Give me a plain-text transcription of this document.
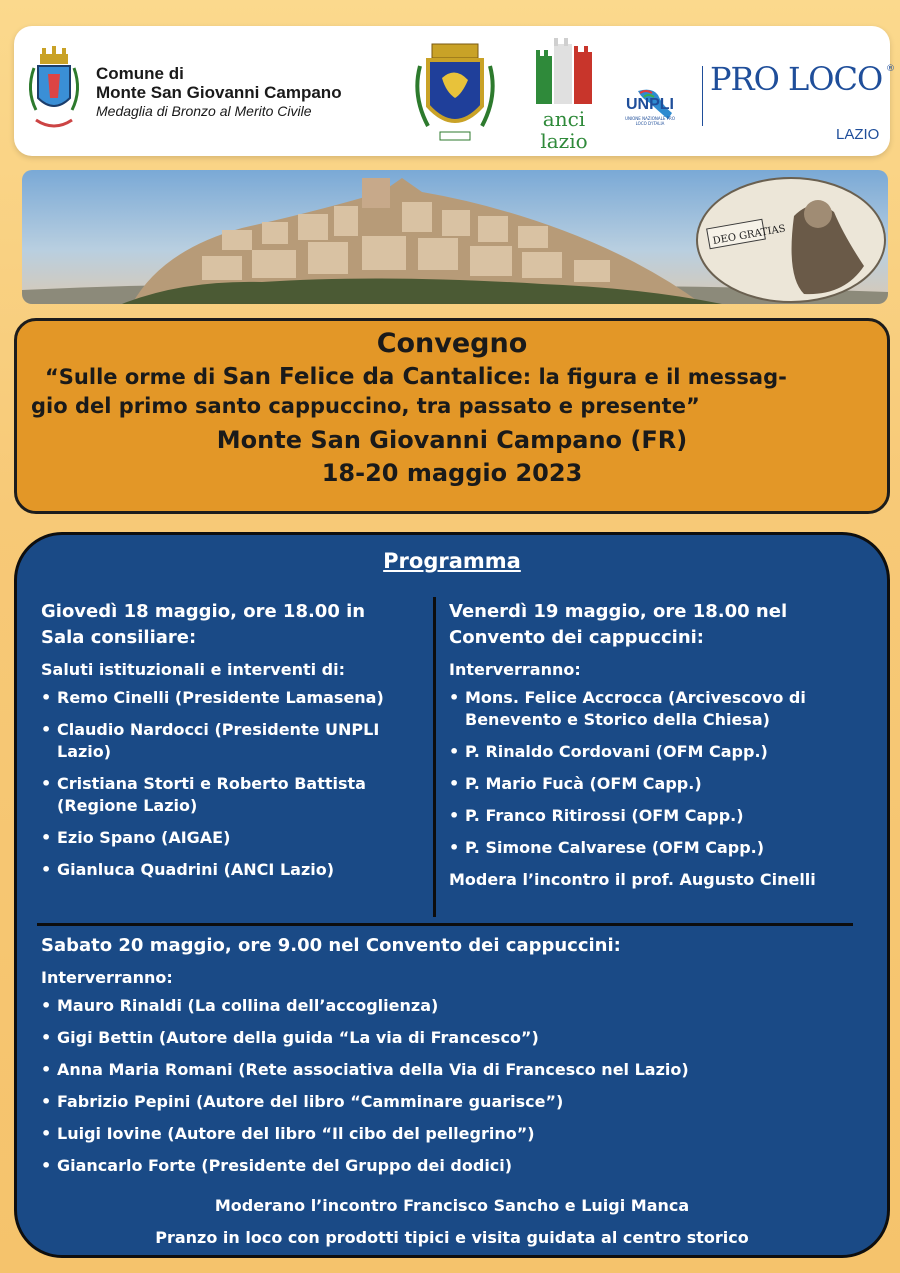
Comune di
Monte San Giovanni Campano
Medaglia di Bronzo al Merito Civile	anci
lazio
UNPLI
UNIONE NAZIONALE PRO LOCO D'ITALIA
PRO LOCO ®
LAZIO
DEO GRATIAS
Convegno
“Sulle orme di San Felice da Cantalice: la figura e il messag-
gio del primo santo cappuccino, tra passato e presente”
Monte San Giovanni Campano (FR)
18-20 maggio 2023
Programma
Giovedì 18 maggio, ore 18.00 in
Sala consiliare:
Saluti istituzionali e interventi di:
• Remo Cinelli (Presidente Lamasena)
• Claudio Nardocci (Presidente UNPLI Lazio)
• Cristiana Storti e Roberto Battista (Regione Lazio)
• Ezio Spano (AIGAE)
• Gianluca Quadrini (ANCI Lazio)
Venerdì 19 maggio, ore 18.00 nel
Convento dei cappuccini:
Interverranno:
• Mons. Felice Accrocca (Arcivescovo di Benevento e Storico della Chiesa)
• P. Rinaldo Cordovani (OFM Capp.)
• P. Mario Fucà (OFM Capp.)
• P. Franco Ritirossi (OFM Capp.)
• P. Simone Calvarese (OFM Capp.)
Modera l’incontro il prof. Augusto Cinelli
Sabato 20 maggio, ore 9.00 nel Convento dei cappuccini:
Interverranno:
• Mauro Rinaldi (La collina dell’accoglienza)
• Gigi Bettin (Autore della guida “La via di Francesco”)
• Anna Maria Romani (Rete associativa della Via di Francesco nel Lazio)
• Fabrizio Pepini (Autore del libro “Camminare guarisce”)
• Luigi Iovine (Autore del libro “Il cibo del pellegrino”)
• Giancarlo Forte (Presidente del Gruppo dei dodici)
Moderano l’incontro Francisco Sancho e Luigi Manca
Pranzo in loco con prodotti tipici e visita guidata al centro storico
